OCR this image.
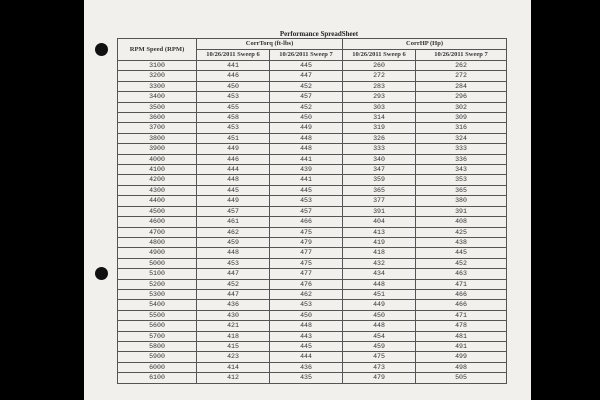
Performance SpreadSheet
RPM Speed (RPM)	CorrTorq (ft-lbs)		CorrHP (Hp)	
	10/26/2011 Sweep 6	10/26/2011 Sweep 7	10/26/2011 Sweep 6	10/26/2011 Sweep 7
3100	441	445	260	262
3200	446	447	272	272
3300	450	452	283	284
3400	453	457	293	296
3500	455	452	303	302
3600	458	450	314	309
3700	453	449	319	316
3800	451	448	326	324
3900	449	448	333	333
4000	446	441	340	336
4100	444	439	347	343
4200	448	441	359	353
4300	445	445	365	365
4400	449	453	377	380
4500	457	457	391	391
4600	461	466	404	408
4700	462	475	413	425
4800	459	479	419	438
4900	448	477	418	445
5000	453	475	432	452
5100	447	477	434	463
5200	452	476	448	471
5300	447	462	451	466
5400	436	453	449	466
5500	430	450	450	471
5600	421	448	448	478
5700	418	443	454	481
5800	415	445	459	491
5900	423	444	475	499
6000	414	436	473	498
6100	412	435	479	505
